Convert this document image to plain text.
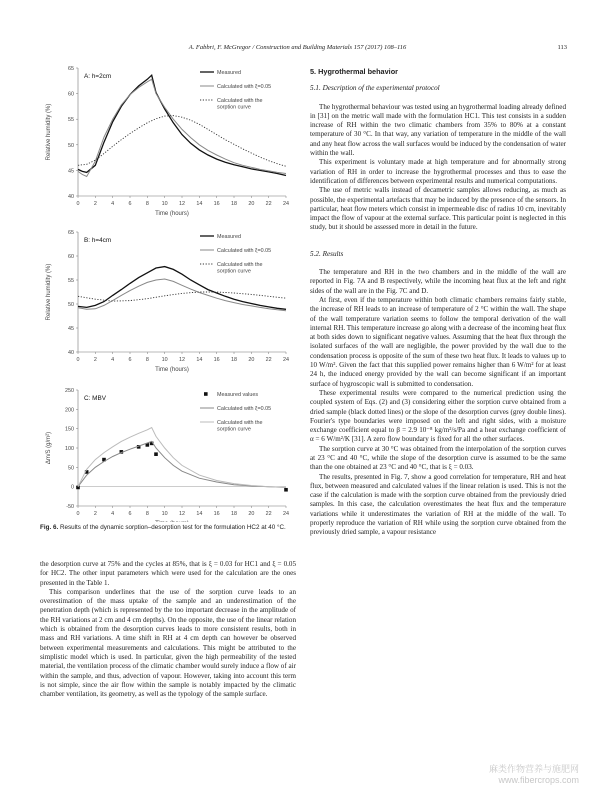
A. Fabbri, F. McGregor / Construction and Building Materials 157 (2017) 108–116	113
0	2	4	6	8 10 12 14 16 18 20 22 24
40
45
50
55
60
65
Time (hours)
Relative humidity (%)
A: h=2cm	Measured
Calculated with ξ=0.05
Calculated with the sorption curve
0	2	4	6	8 10 12 14 16 18 20 22 24
40
45
50
55
60
65
Time (hours)
Relative humidity (%)
B: h=4cm	Measured
Calculated with ξ=0.05
Calculated with the sorption curve
0	2	4	6	8 10 12 14 16 18 20 22 24
-50
0
50
100
150
200
250
Δm/S (g/m²)
C: MBV	Measured values
Calculated with ξ=0.05
Calculated with the sorption curve
Fig. 6. Results of the dynamic sorption–desorption test for the formulation HC2 at 40 °C.

the desorption curve at 75% and the cycles at 85%, that is ξ = 0.03 for HC1 and ξ = 0.05 for HC2. The other input parameters which were used for the calculation are the ones presented in the Table 1.

This comparison underlines that the use of the sorption curve leads to an overestimation of the mass uptake of the sample and an underestimation of the penetration depth (which is represented by the too important decrease in the amplitude of the RH variations at 2 cm and 4 cm depths). On the opposite, the use of the linear relation which is obtained from the desorption curves leads to more consistent results, both in mass and RH variations. A time shift in RH at 4 cm depth can however be observed between experimental measurements and calculations. This might be attributed to the simplistic model which is used. In particular, given the high permeability of the tested material, the ventilation process of the climatic chamber would surely induce a flow of air within the sample, and thus, advection of vapour. However, taking into account this term is not simple, since the air flow within the sample is notably impacted by the climatic chamber ventilation, its geometry, as well as the typology of the sample surface.

5. Hygrothermal behavior
5.1. Description of the experimental protocol

The hygrothermal behaviour was tested using an hygrothermal loading already defined in [31] on the metric wall made with the formulation HC1. This test consists in a sudden increase of RH within the two climatic chambers from 35% to 80% at a constant temperature of 30 °C. In that way, any variation of temperature in the middle of the wall and any heat flow across the wall surfaces would be induced by the condensation of water within the wall.

This experiment is voluntary made at high temperature and for abnormally strong variation of RH in order to increase the hygrothermal processes and thus to ease the identification of differences between experimental results and numerical computations.

The use of metric walls instead of decametric samples allows reducing, as much as possible, the experimental artefacts that may be induced by the presence of the sensors. In particular, heat flow meters which consist in impermeable disc of radius 10 cm, inevitably impact the flow of vapour at the external surface. This particular point is neglected in this study, but it should be assessed more in detail in the future.

5.2. Results

The temperature and RH in the two chambers and in the middle of the wall are reported in Fig. 7A and B respectively, while the incoming heat flux at the left and right sides of the wall are in the Fig. 7C and D.

At first, even if the temperature within both climatic chambers remains fairly stable, the increase of RH leads to an increase of temperature of 2 °C within the wall. The shape of the wall temperature variation seems to follow the temporal derivation of the wall internal RH. This temperature increase go along with a decrease of the incoming heat flux at both sides down to significant negative values. Assuming that the heat flux through the isolated surfaces of the wall are negligible, the power provided by the wall due to the condensation process is opposite of the sum of these two heat flux. It leads to values up to 10 W/m². Given the fact that this supplied power remains higher than 6 W/m² for at least 24 h, the induced energy provided by the wall can become significant if an important surface of hygroscopic wall is submitted to condensation.

These experimental results were compared to the numerical prediction using the coupled system of Eqs. (2) and (3) considering either the sorption curve obtained from a dried sample (black dotted lines) or the slope of the desorption curves (grey double lines). Fourier's type boundaries were imposed on the left and right sides, with a moisture exchange coefficient equal to β = 2.9 10⁻⁸ kg/m²/s/Pa and a heat exchange coefficient of α = 6 W/m²/K [31]. A zero flow boundary is fixed for all the other surfaces.

The sorption curve at 30 °C was obtained from the interpolation of the sorption curves at 23 °C and 40 °C, while the slope of the desorption curve is assumed to be the same than the one obtained at 23 °C and 40 °C, that is ξ = 0.03.

The results, presented in Fig. 7, show a good correlation for temperature, RH and heat flux, between measured and calculated values if the linear relation is used. This is not the case if the calculation is made with the sorption curve obtained from the previously dried samples. In this case, the calculation overestimates the heat flux and the temperature variations while it underestimates the variation of RH at the middle of the wall. To properly reproduce the variation of RH while using the sorption curve obtained from the previously dried sample, a vapour resistance

麻类作物营养与施肥网
www.fibercrops.com
